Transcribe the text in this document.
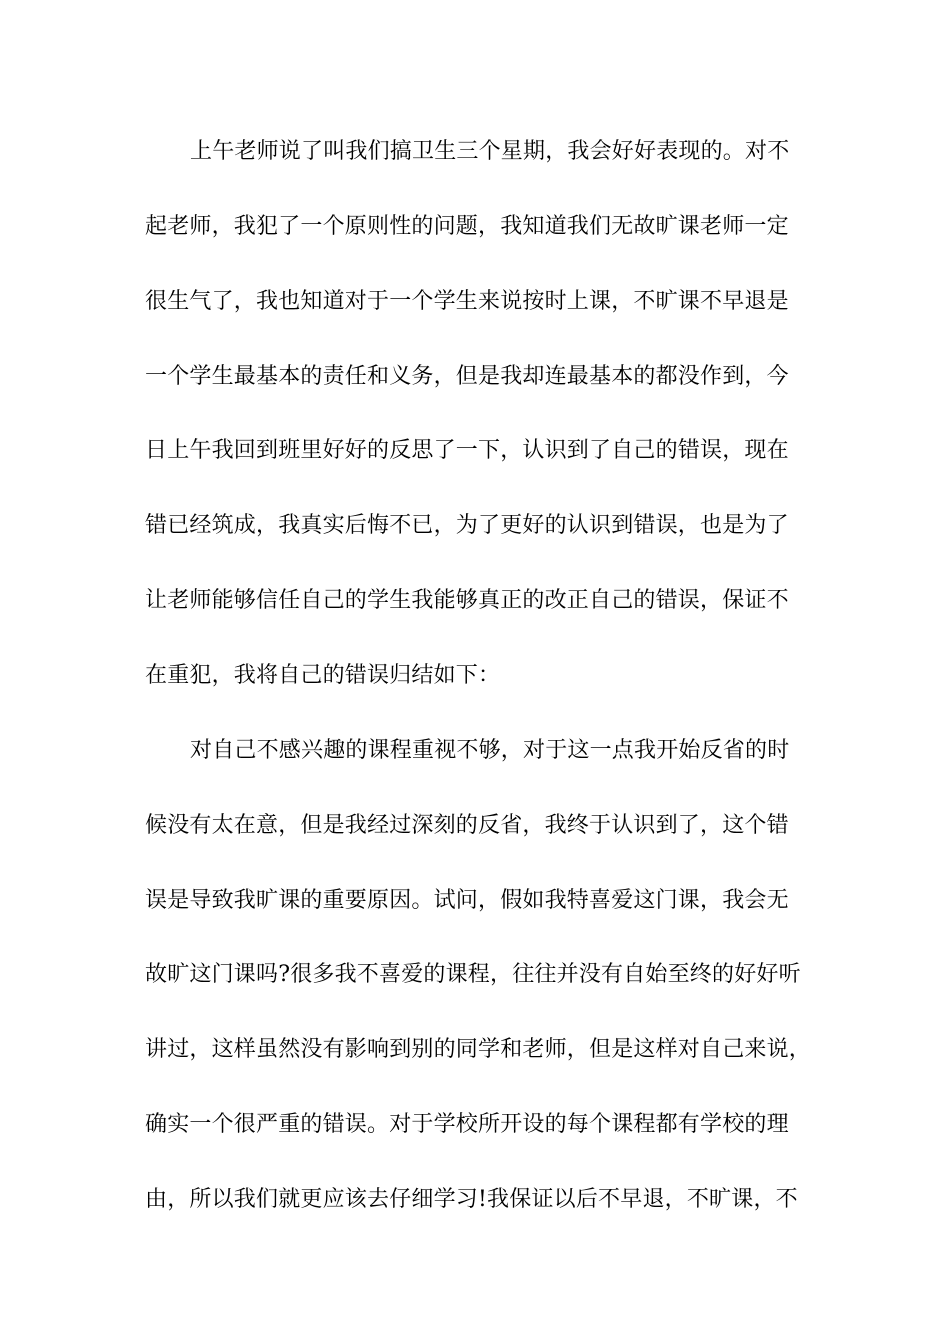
上午老师说了叫我们搞卫生三个星期，我会好好表现的。对不
起老师，我犯了一个原则性的问题，我知道我们无故旷课老师一定
很生气了，我也知道对于一个学生来说按时上课，不旷课不早退是
一个学生最基本的责任和义务，但是我却连最基本的都没作到，今
日上午我回到班里好好的反思了一下，认识到了自己的错误，现在
错已经筑成，我真实后悔不已，为了更好的认识到错误，也是为了
让老师能够信任自己的学生我能够真正的改正自己的错误，保证不
在重犯，我将自己的错误归结如下：
对自己不感兴趣的课程重视不够，对于这一点我开始反省的时
候没有太在意，但是我经过深刻的反省，我终于认识到了，这个错
误是导致我旷课的重要原因。试问，假如我特喜爱这门课，我会无
故旷这门课吗?很多我不喜爱的课程，往往并没有自始至终的好好听
讲过，这样虽然没有影响到别的同学和老师，但是这样对自己来说，
确实一个很严重的错误。对于学校所开设的每个课程都有学校的理
由，所以我们就更应该去仔细学习!我保证以后不早退，不旷课，不
